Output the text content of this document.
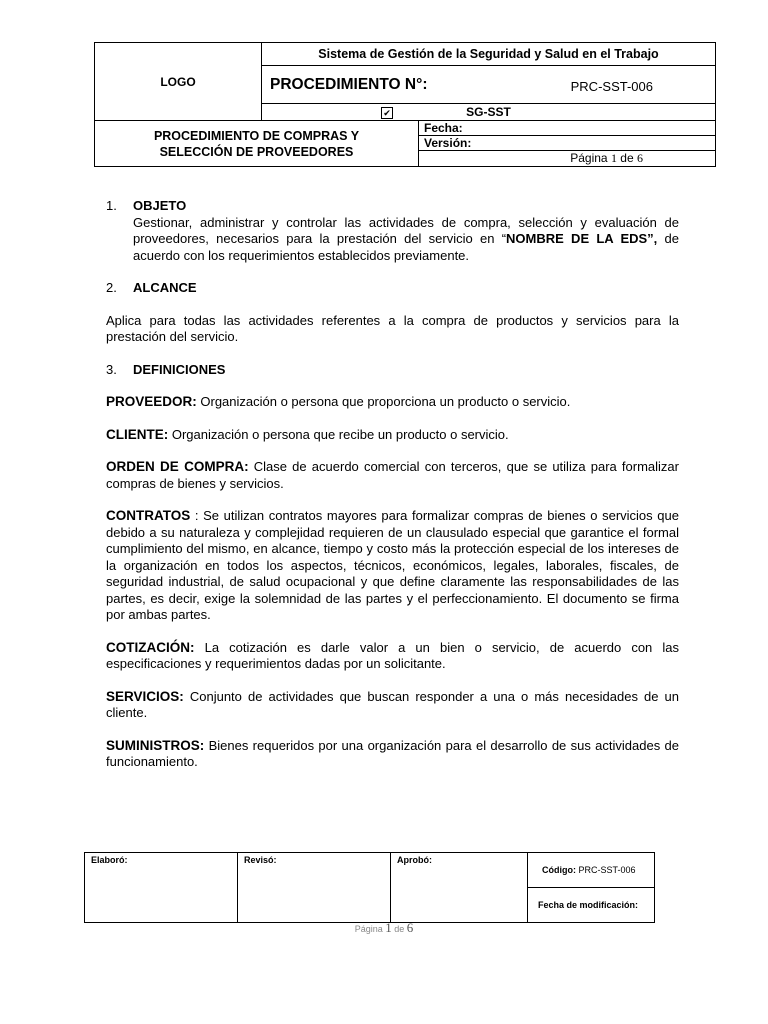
LOGO	Sistema de Gestión de la Seguridad y Salud en el Trabajo	
	PROCEDIMIENTO N°: PRC-SST-006	

	✔ SG-SST	
PROCEDIMIENTO DE COMPRAS Y SELECCIÓN DE PROVEEDORES		Fecha:
		Versión:
		Página 1 de 6
1.	OBJETO

Gestionar, administrar y controlar las actividades de compra, selección y evaluación de proveedores, necesarios para la prestación del servicio en “NOMBRE DE LA EDS”, de acuerdo con los requerimientos establecidos previamente.

2.	ALCANCE

Aplica para todas las actividades referentes a la compra de productos y servicios para la prestación del servicio.

3.	DEFINICIONES

PROVEEDOR: Organización o persona que proporciona un producto o servicio.

CLIENTE: Organización o persona que recibe un producto o servicio.

ORDEN DE COMPRA: Clase de acuerdo comercial con terceros, que se utiliza para formalizar compras de bienes y servicios.

CONTRATOS : Se utilizan contratos mayores para formalizar compras de bienes o servicios que debido a su naturaleza y complejidad requieren de un clausulado especial que garantice el formal cumplimiento del mismo, en alcance, tiempo y costo más la protección especial de los intereses de la organización en todos los aspectos, técnicos, económicos, legales, laborales, fiscales, de seguridad industrial, de salud ocupacional y que define claramente las responsabilidades de las partes, es decir, exige la solemnidad de las partes y el perfeccionamiento. El documento se firma por ambas partes.

COTIZACIÓN: La cotización es darle valor a un bien o servicio, de acuerdo con las especificaciones y requerimientos dadas por un solicitante.

SERVICIOS: Conjunto de actividades que buscan responder a una o más necesidades de un cliente.

SUMINISTROS: Bienes requeridos por una organización para el desarrollo de sus actividades de funcionamiento.

Elaboró:	Revisó:	Aprobó:	Código: PRC-SST-006
Fecha de modificación:
Página 1 de 6
